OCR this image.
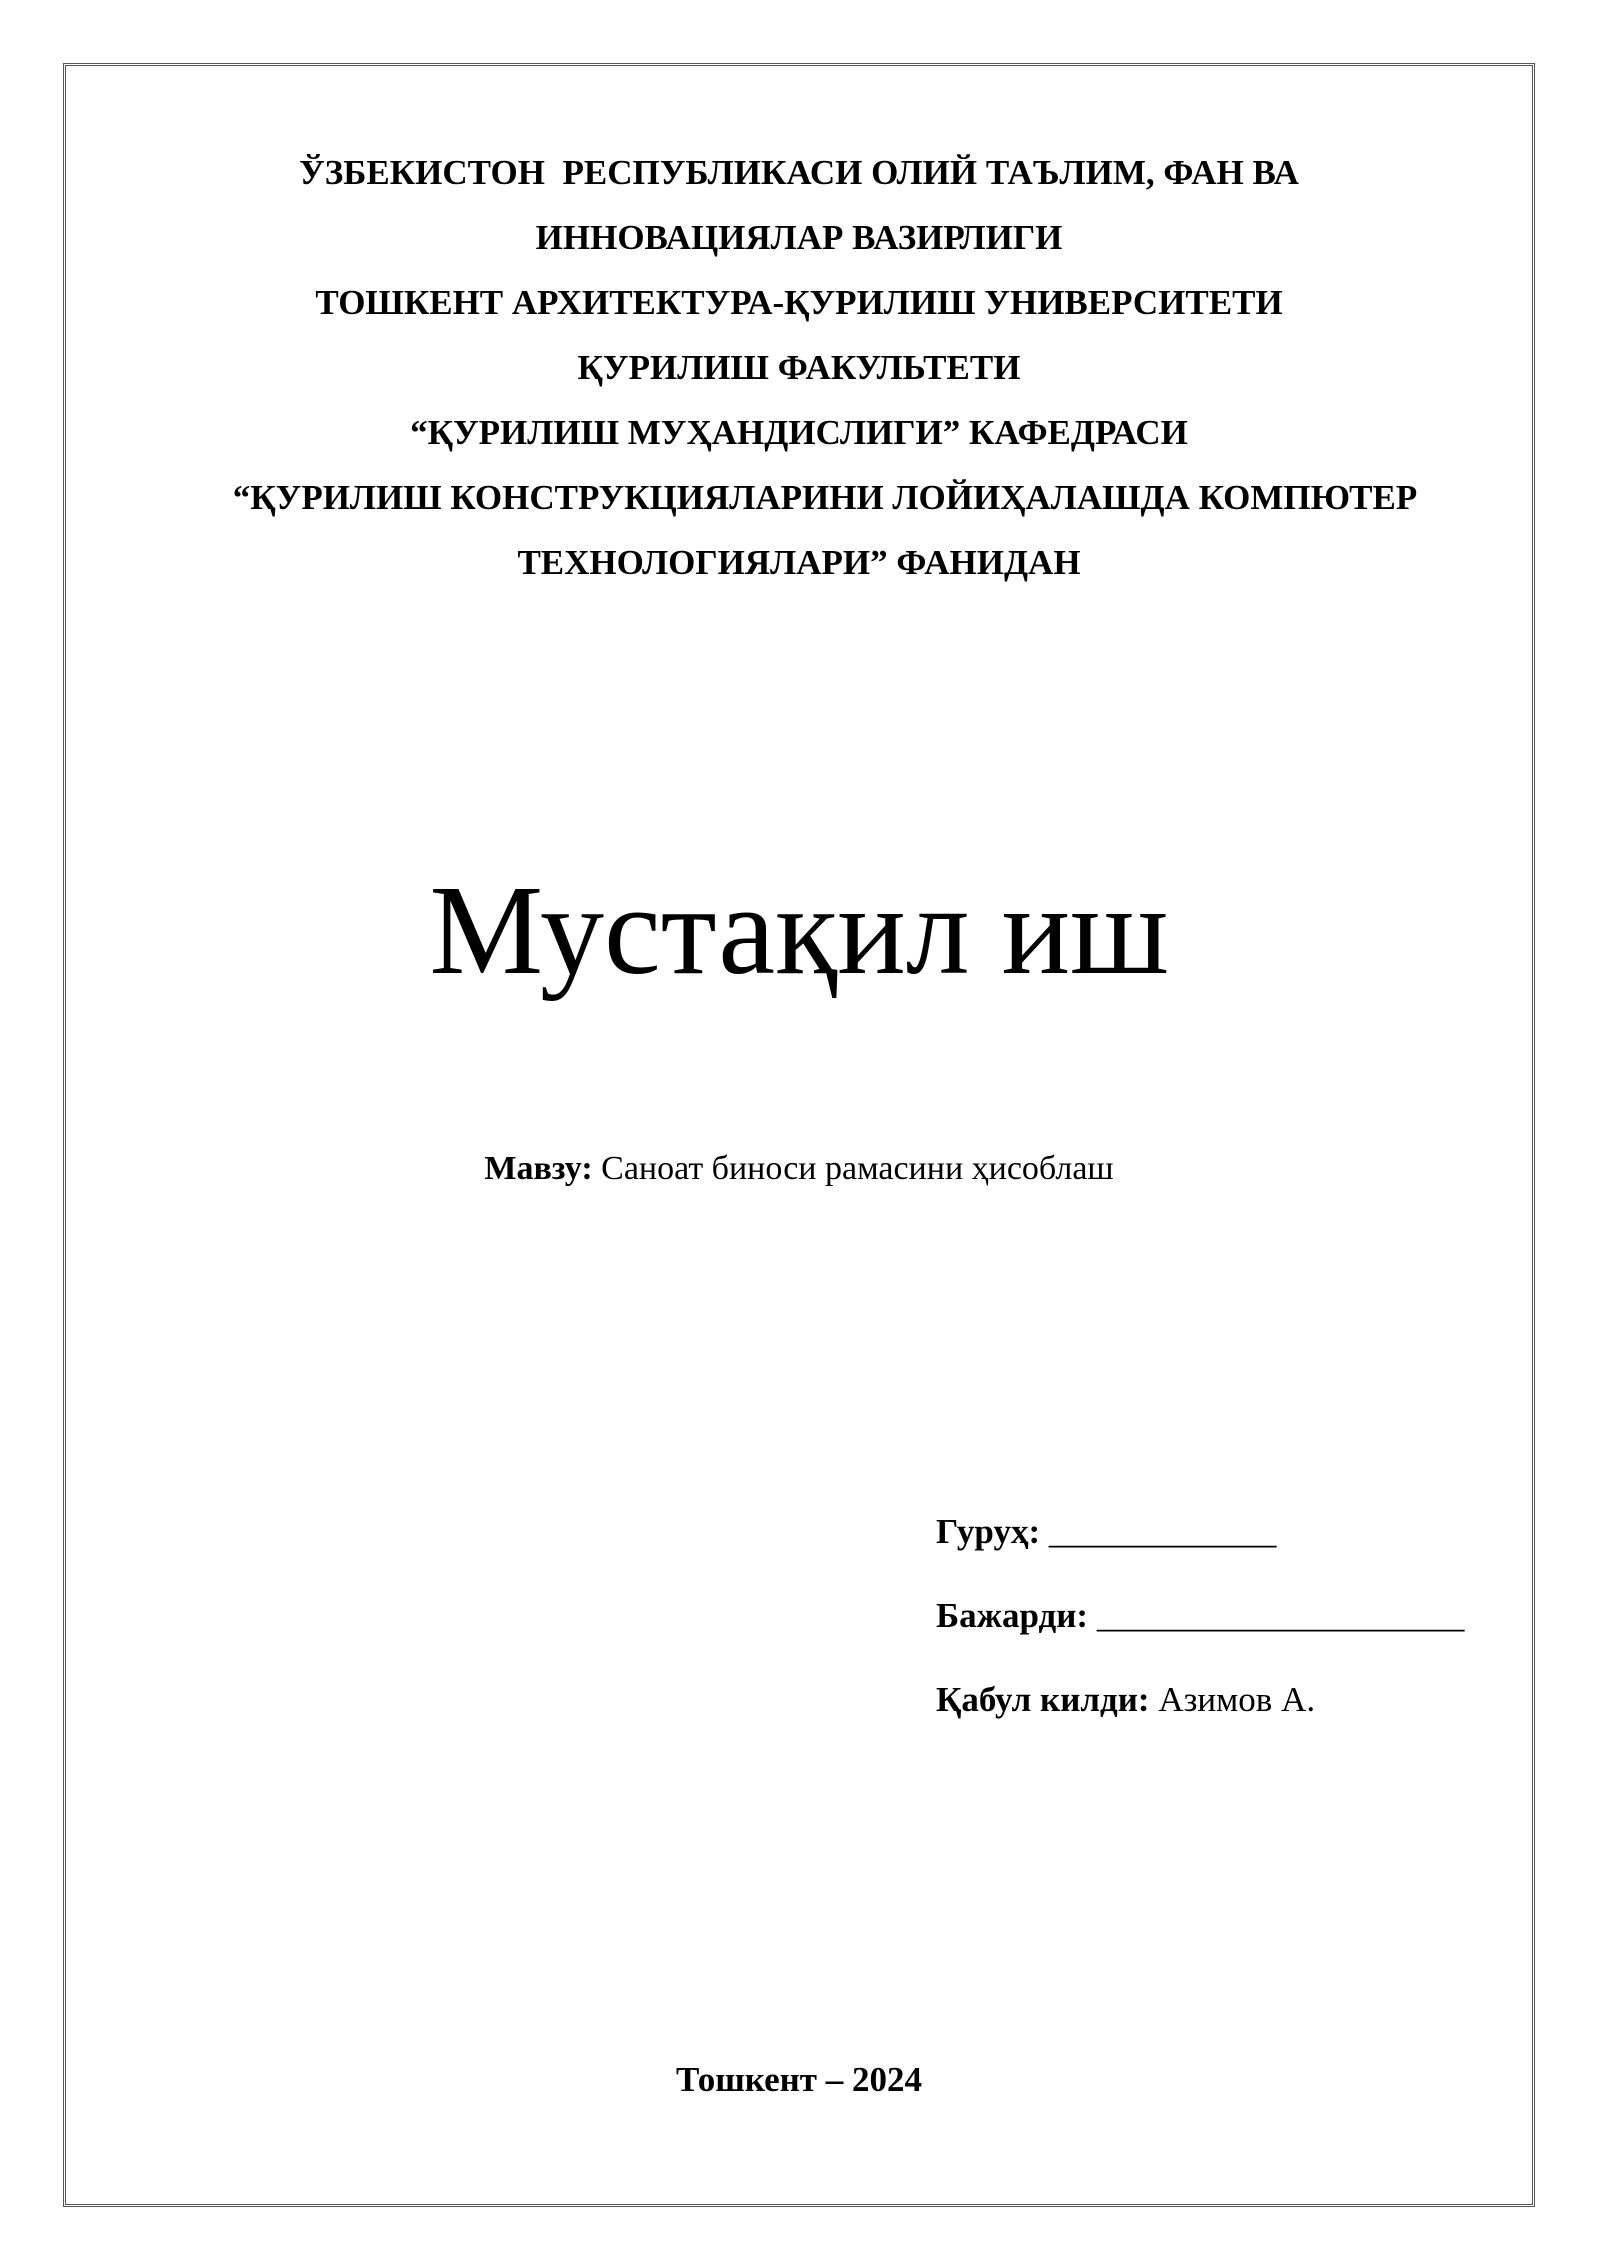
ЎЗБЕКИСТОН  РЕСПУБЛИКАСИ ОЛИЙ ТАЪЛИМ, ФАН ВА
ИННОВАЦИЯЛАР ВАЗИРЛИГИ
ТОШКЕНТ АРХИТЕКТУРА-ҚУРИЛИШ УНИВЕРСИТЕТИ
ҚУРИЛИШ ФАКУЛЬТЕТИ
“ҚУРИЛИШ МУҲАНДИСЛИГИ” КАФЕДРАСИ
“ҚУРИЛИШ КОНСТРУКЦИЯЛАРИНИ ЛОЙИҲАЛАШДА КОМПЮТЕР
ТЕХНОЛОГИЯЛАРИ” ФАНИДАН
Мустақил иш
Мавзу: Саноат биноси рамасини ҳисоблаш
Гуруҳ: _____________
Бажарди: _____________________
Қабул килди: Азимов А.
Тошкент – 2024
